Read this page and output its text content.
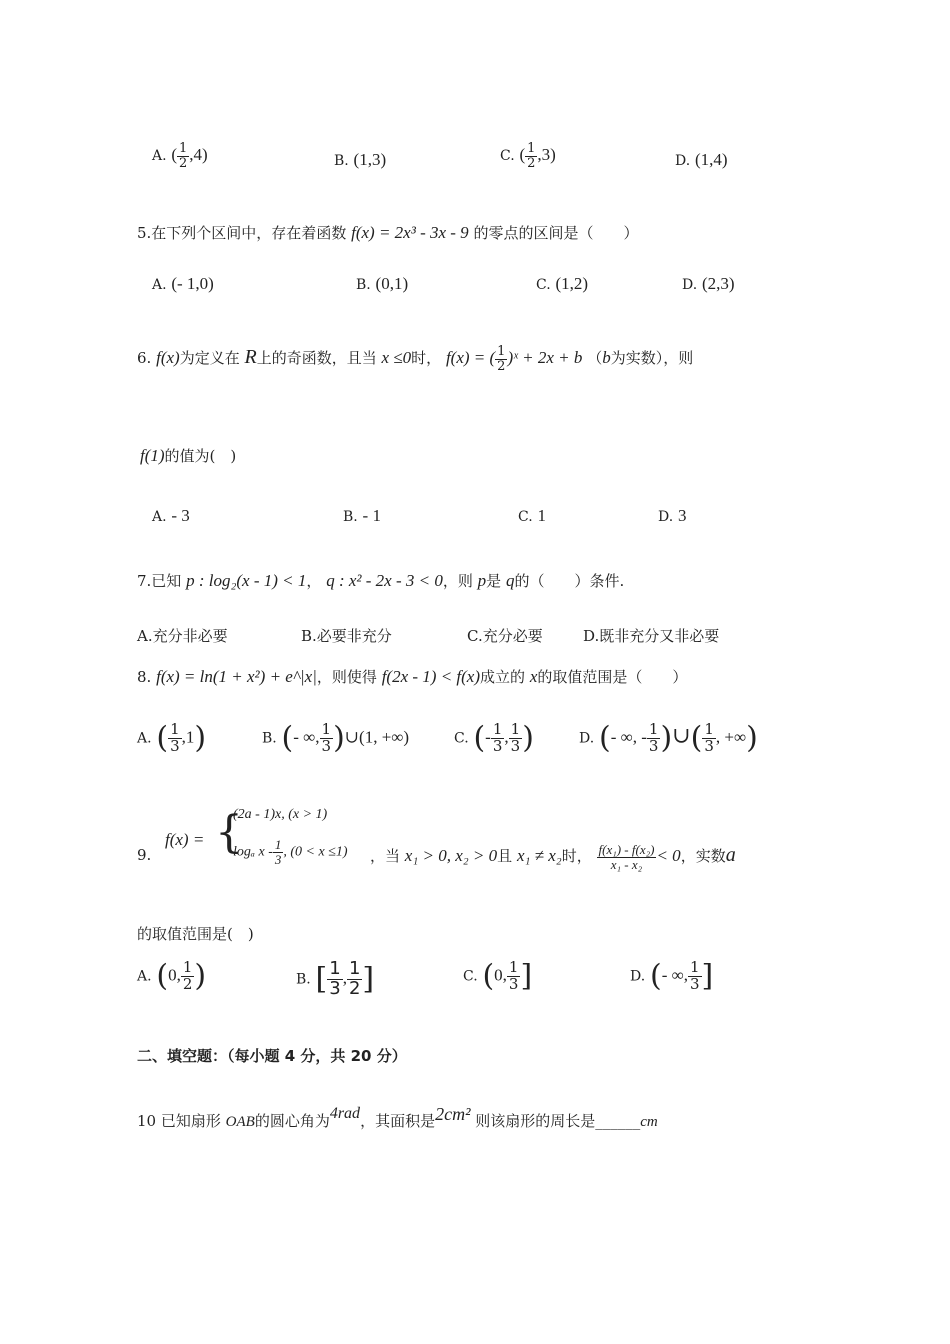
A. ( $\frac{1}{2} ,4$)	B. (1,3)	C. ( $\frac{1}{2} ,3$)	D. (1,4)
5.在下列个区间中，存在着函数 f(x) = 2x³ - 3x - 9 的零点的区间是（　　）
A. (- 1,0)	B. (0,1)	C. (1,2)	D. (2,3)
6. f(x)为定义在 R上的奇函数，且当 x ≤0时， f(x) = ( $\frac{1}{2}$ )ˣ + 2x + b （b为实数），则
f(1)的值为(　)
A. - 3	B. - 1	C. 1	D. 3
7.已知 p : log₂(x - 1) < 1， q : x² - 2x - 3 < 0，则 p是 q的（　　）条件.
A.充分非必要	B.必要非充分	C.充分必要	D.既非充分又非必要
8. f(x) = ln(1 + x²) + e^|x|，则使得 f(2x - 1) < f(x)成立的 x的取值范围是（　　）
A. ( $\frac{1}{3} ,1$)	B. (- ∞, $\frac{1}{3}$ )∪(1, +∞)	C. (- $\frac{1}{3}$ , $\frac{1}{3}$ )	D. (- ∞, - $\frac{1}{3}$ )∪( $\frac{1}{3}$ , +∞)
9.
f(x) = {
(2a - 1)x, (x > 1)
logₐ x - $\frac{1}{3}$ , (0 < x ≤1) ，当 x₁ > 0, x₂ > 0且 x₁ ≠ x₂时， $\frac{\text{f(x₁) - f(x₂)}}{\text{x₁ - x₂}} < 0$，实数a
的取值范围是(　)
A. (0, $\frac{1}{2}$ )	B. [ $\frac{1}{3}$ , $\frac{1}{2}$ ]	C. (0, $\frac{1}{3}$ ]	D. (- ∞, $\frac{1}{3}$ ]
二、填空题：（每小题 4 分，共 20 分）
10 已知扇形 OAB的圆心角为4rad，其面积是2cm² 则该扇形的周长是______cm
